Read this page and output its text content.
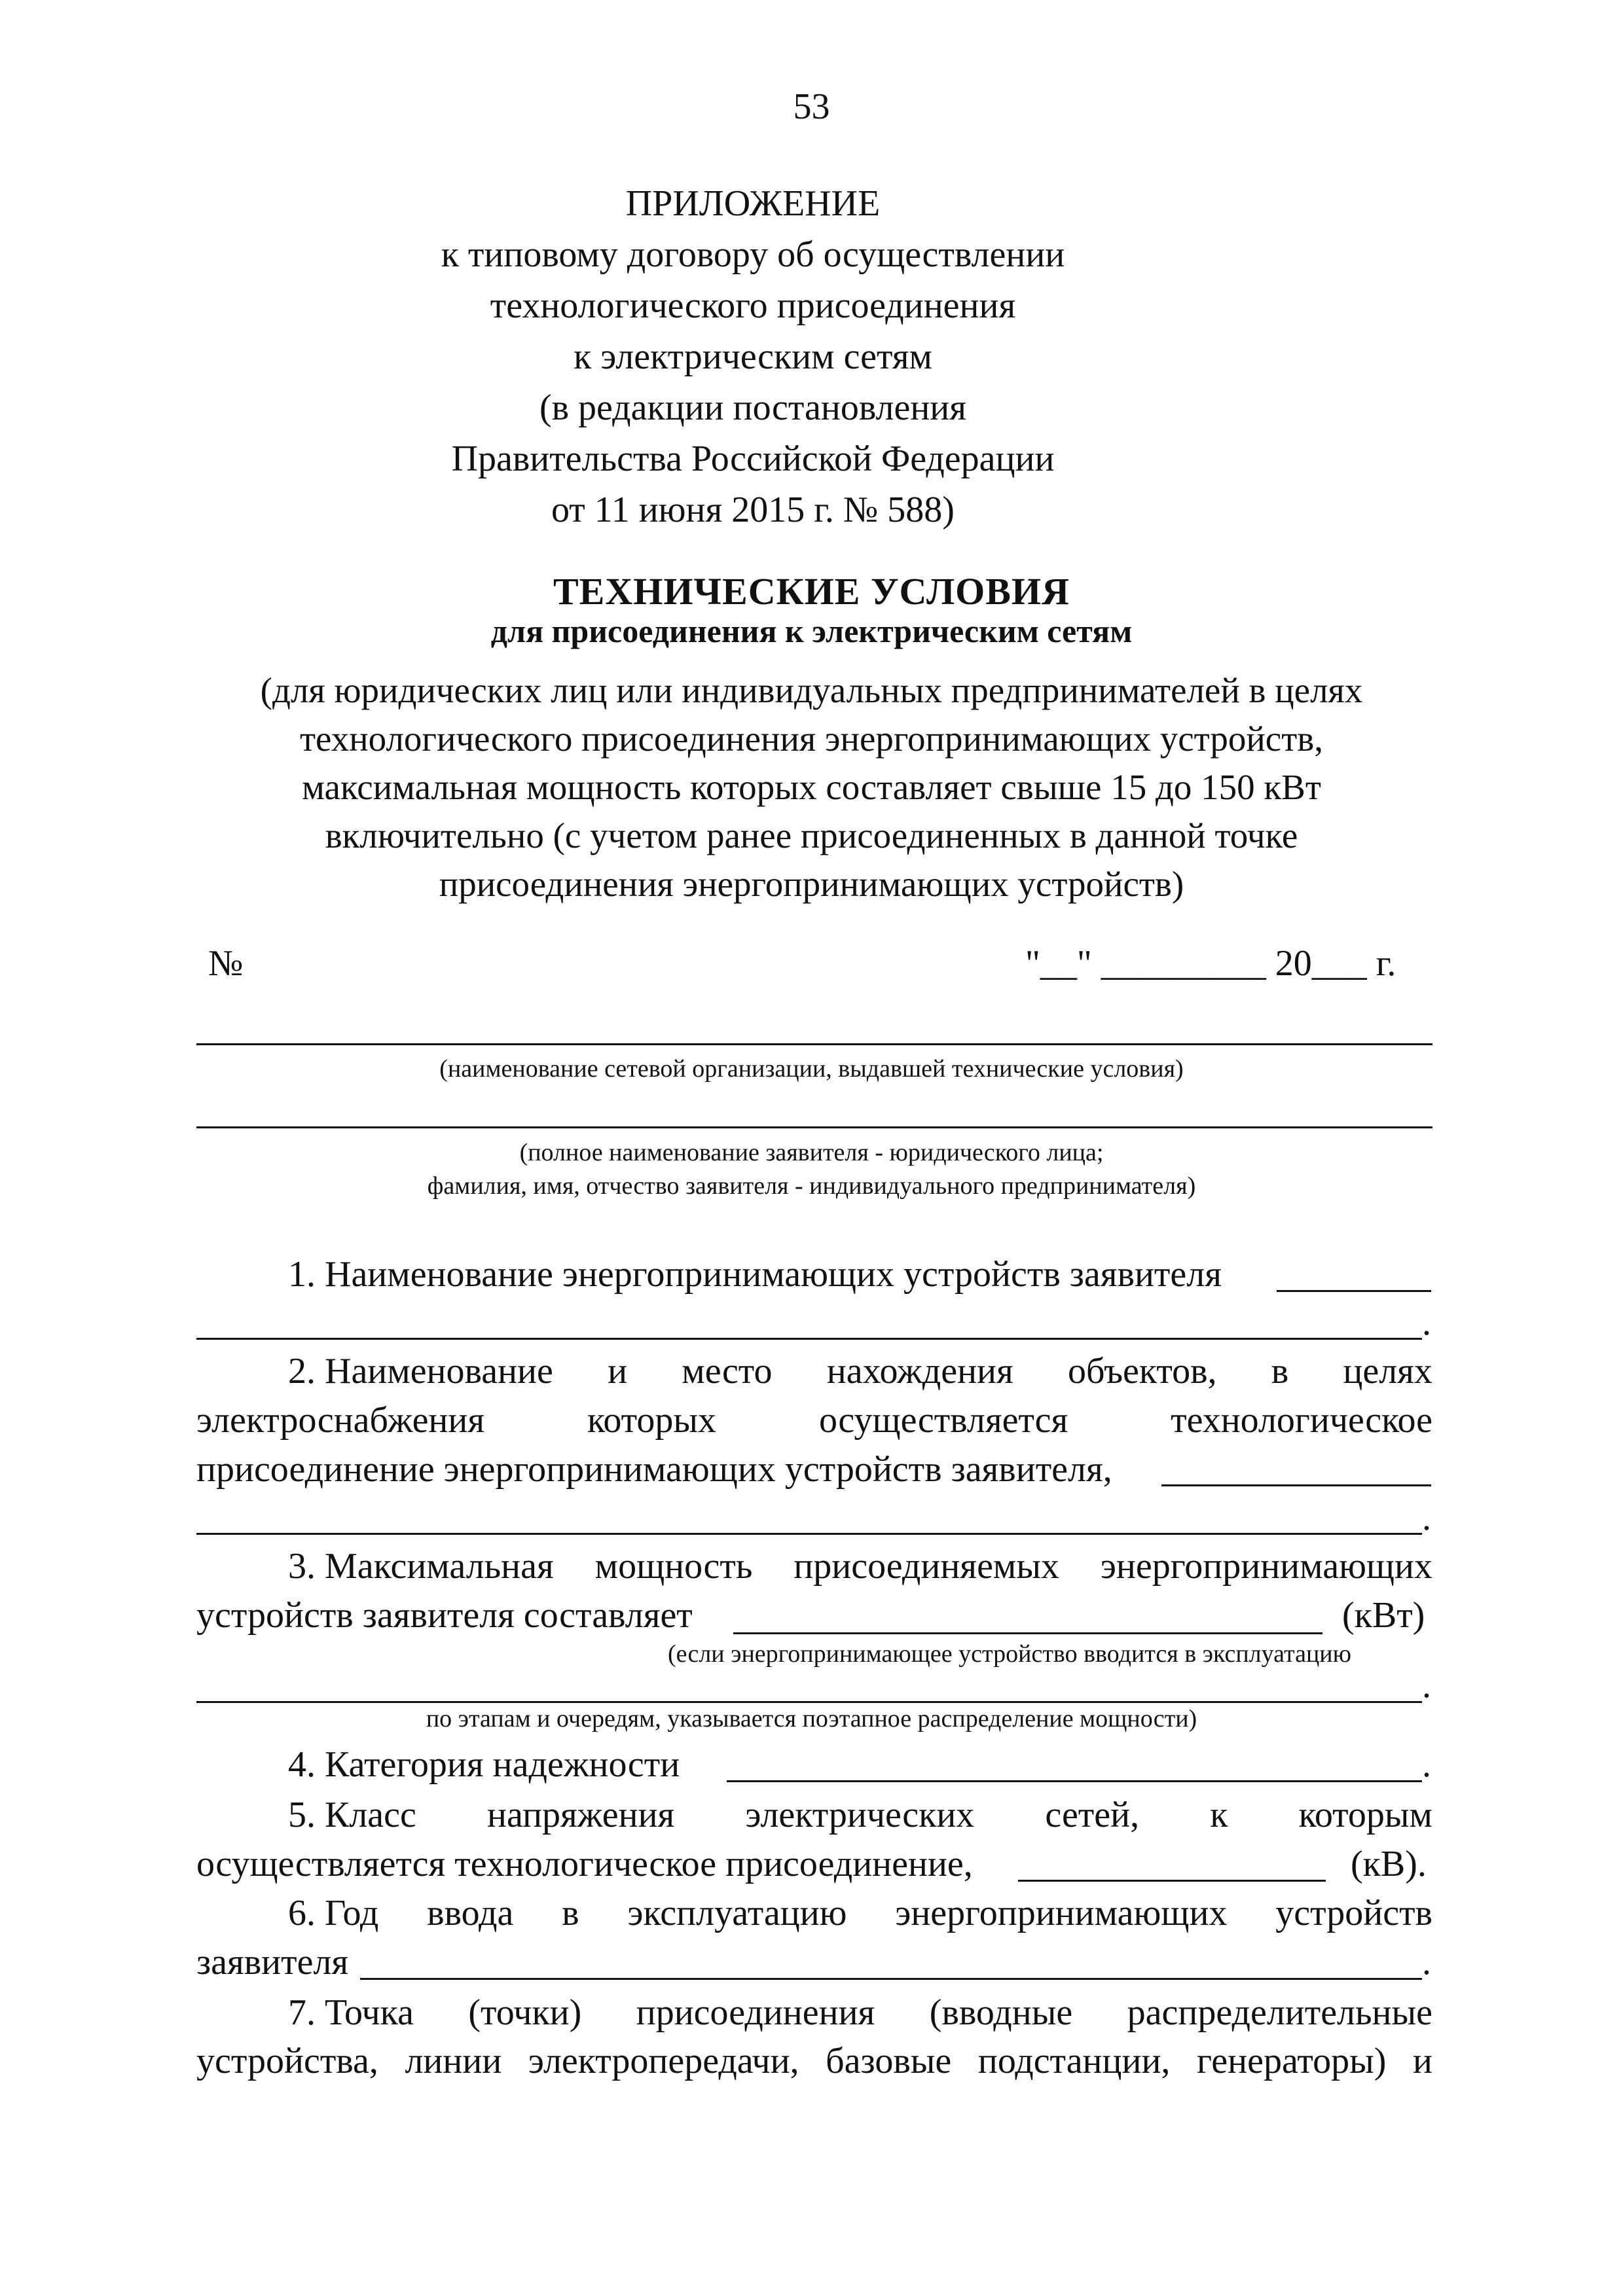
53
ПРИЛОЖЕНИЕ
к типовому договору об осуществлении
технологического присоединения
к электрическим сетям
(в редакции постановления
Правительства Российской Федерации
от 11 июня 2015 г. № 588)
ТЕХНИЧЕСКИЕ УСЛОВИЯ
для присоединения к электрическим сетям
(для юридических лиц или индивидуальных предпринимателей в целях
технологического присоединения энергопринимающих устройств,
максимальная мощность которых составляет свыше 15 до 150 кВт
включительно (с учетом ранее присоединенных в данной точке
присоединения энергопринимающих устройств)
№	"__" _________ 20___ г.
(наименование сетевой организации, выдавшей технические условия)
(полное наименование заявителя - юридического лица;
фамилия, имя, отчество заявителя - индивидуального предпринимателя)
1. Наименование энергопринимающих устройств заявителя
.
2. Наименование и место нахождения объектов, в целях
электроснабжения	которых	осуществляется	технологическое
присоединение энергопринимающих устройств заявителя,
.
3. Максимальная мощность присоединяемых энергопринимающих
устройств заявителя составляет	(кВт)
(если энергопринимающее устройство вводится в эксплуатацию
.
по этапам и очередям, указывается поэтапное распределение мощности)
4. Категория надежности	.
5. Класс напряжения электрических сетей, к которым
осуществляется технологическое присоединение,	(кВ).
6. Год ввода в эксплуатацию энергопринимающих устройств
заявителя	.
7. Точка (точки) присоединения (вводные распределительные
устройства, линии электропередачи, базовые подстанции, генераторы) и
